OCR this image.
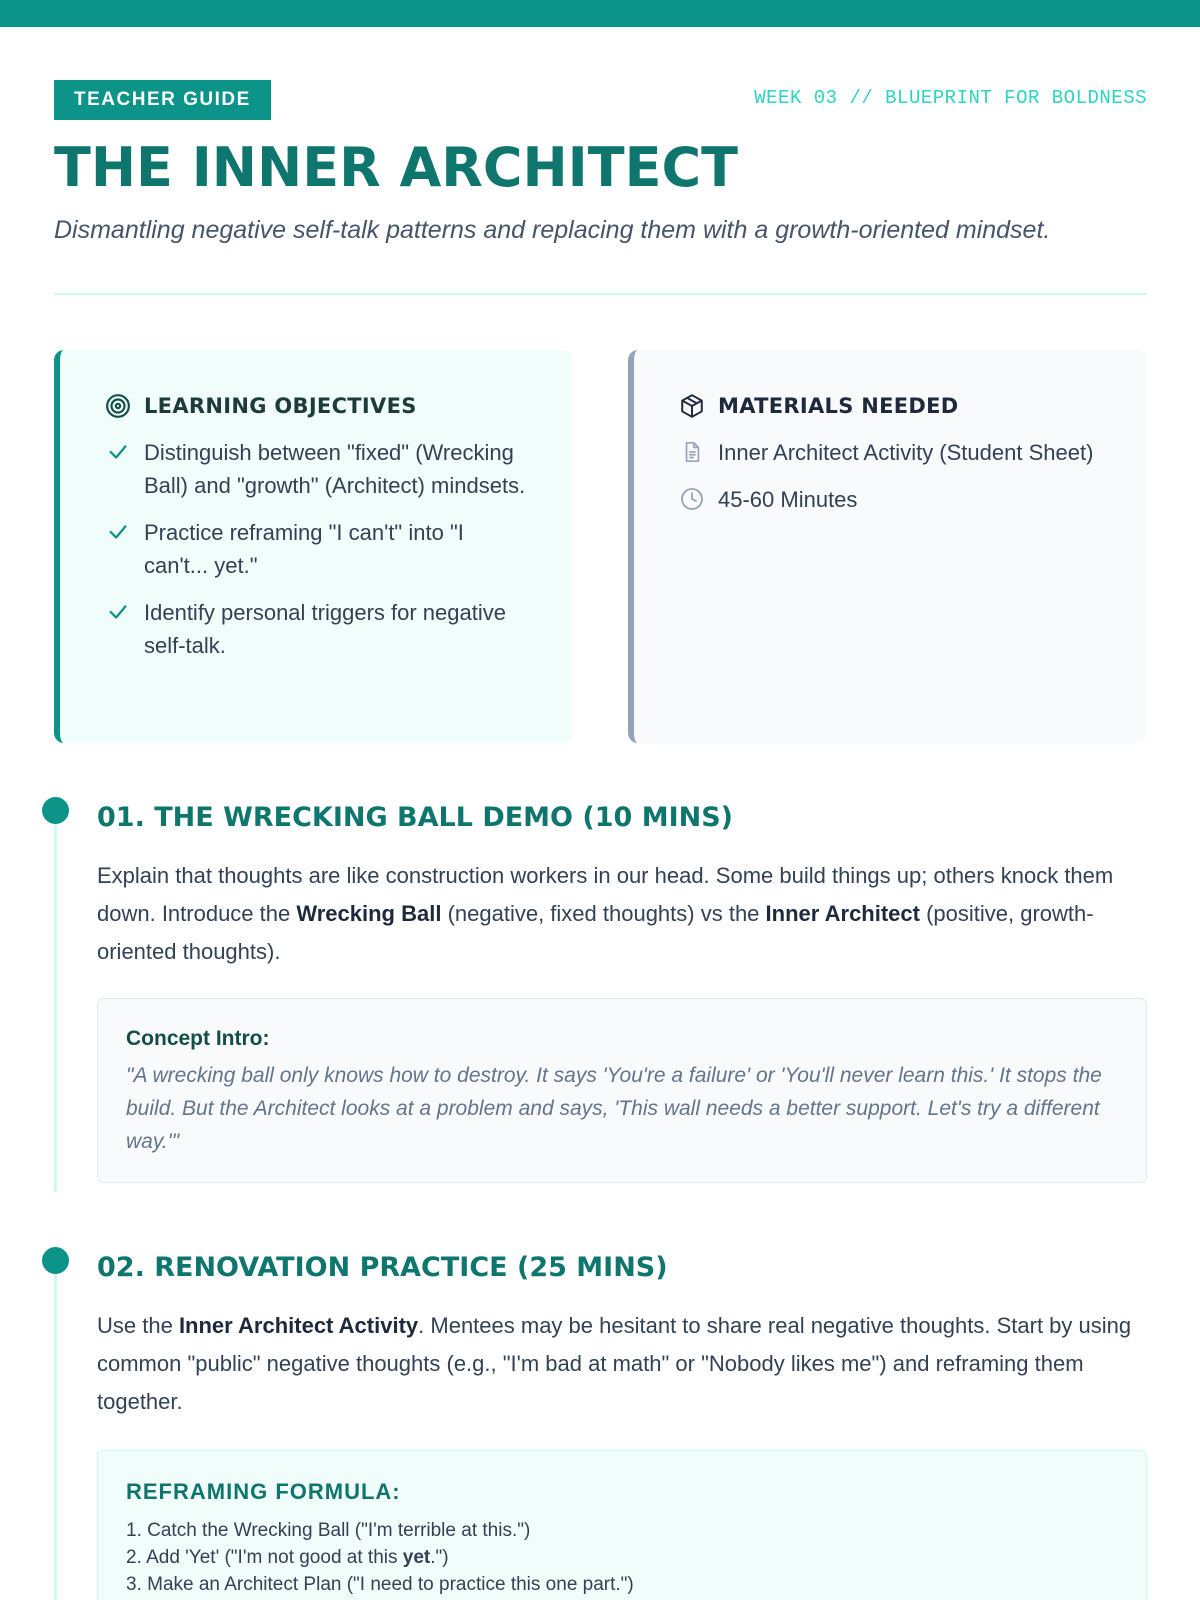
TEACHER GUIDE	WEEK 03 // BLUEPRINT FOR BOLDNESS
THE INNER ARCHITECT

Dismantling negative self-talk patterns and replacing them with a growth-oriented mindset.

LEARNING OBJECTIVES
Distinguish between "fixed" (Wrecking Ball) and "growth" (Architect) mindsets.
Practice reframing "I can't" into "I can't... yet."
Identify personal triggers for negative self-talk.
MATERIALS NEEDED
Inner Architect Activity (Student Sheet)
45-60 Minutes
01. THE WRECKING BALL DEMO (10 MINS)

Explain that thoughts are like construction workers in our head. Some build things up; others knock them down. Introduce the Wrecking Ball (negative, fixed thoughts) vs the Inner Architect (positive, growth-oriented thoughts).

Concept Intro:
"A wrecking ball only knows how to destroy. It says 'You're a failure' or 'You'll never learn this.' It stops the build. But the Architect looks at a problem and says, 'This wall needs a better support. Let's try a different way.'"
02. RENOVATION PRACTICE (25 MINS)

Use the Inner Architect Activity. Mentees may be hesitant to share real negative thoughts. Start by using common "public" negative thoughts (e.g., "I'm bad at math" or "Nobody likes me") and reframing them together.

REFRAMING FORMULA:
1. Catch the Wrecking Ball ("I'm terrible at this.")
2. Add 'Yet' ("I'm not good at this yet.")
3. Make an Architect Plan ("I need to practice this one part.")
